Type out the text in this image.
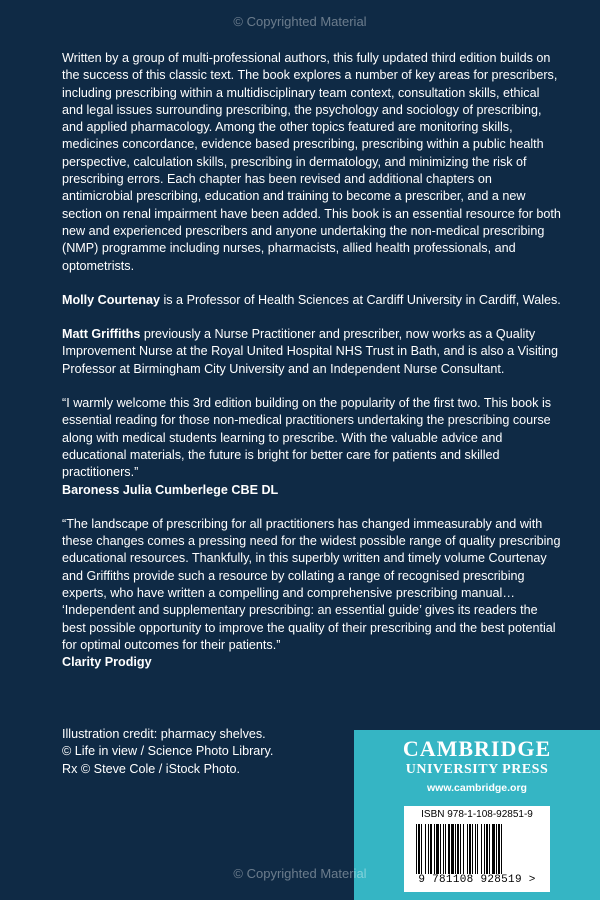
© Copyrighted Material

Written by a group of multi-professional authors, this fully updated third edition builds on the success of this classic text. The book explores a number of key areas for prescribers, including prescribing within a multidisciplinary team context, consultation skills, ethical and legal issues surrounding prescribing, the psychology and sociology of prescribing, and applied pharmacology. Among the other topics featured are monitoring skills, medicines concordance, evidence based prescribing, prescribing within a public health perspective, calculation skills, prescribing in dermatology, and minimizing the risk of prescribing errors. Each chapter has been revised and additional chapters on antimicrobial prescribing, education and training to become a prescriber, and a new section on renal impairment have been added. This book is an essential resource for both new and experienced prescribers and anyone undertaking the non-medical prescribing (NMP) programme including nurses, pharmacists, allied health professionals, and optometrists.

Molly Courtenay is a Professor of Health Sciences at Cardiff University in Cardiff, Wales.

Matt Griffiths previously a Nurse Practitioner and prescriber, now works as a Quality Improvement Nurse at the Royal United Hospital NHS Trust in Bath, and is also a Visiting Professor at Birmingham City University and an Independent Nurse Consultant.

“I warmly welcome this 3rd edition building on the popularity of the first two. This book is essential reading for those non-medical practitioners undertaking the prescribing course along with medical students learning to prescribe. With the valuable advice and educational materials, the future is bright for better care for patients and skilled practitioners.”
Baroness Julia Cumberlege CBE DL

“The landscape of prescribing for all practitioners has changed immeasurably and with these changes comes a pressing need for the widest possible range of quality prescribing educational resources. Thankfully, in this superbly written and timely volume Courtenay and Griffiths provide such a resource by collating a range of recognised prescribing experts, who have written a compelling and comprehensive prescribing manual… ‘Independent and supplementary prescribing: an essential guide’ gives its readers the best possible opportunity to improve the quality of their prescribing and the best potential for optimal outcomes for their patients.”
Clarity Prodigy

Illustration credit: pharmacy shelves.
© Life in view / Science Photo Library.
Rx © Steve Cole / iStock Photo.
CAMBRIDGE
UNIVERSITY PRESS
www.cambridge.org
ISBN 978-1-108-92851-9
9 781108 928519 >
© Copyrighted Material
